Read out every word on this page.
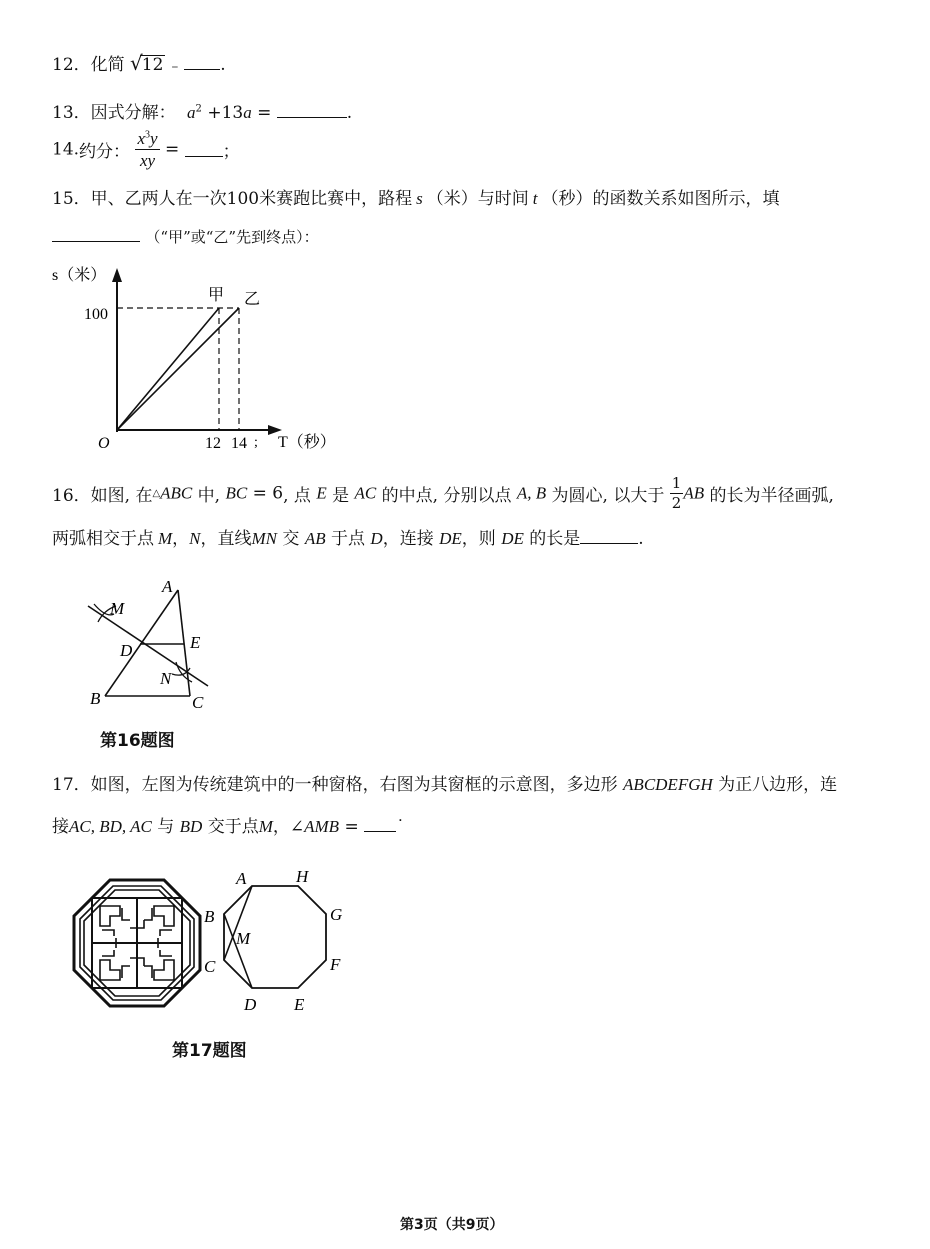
12．化简 √12 ＝ .
13．因式分解： $a^2 +13a$ =	.
14.约分： $\frac{x^3y}{xy}$ =	；
15．甲、乙两人在一次100米赛跑比赛中，路程 s （米）与时间 t （秒）的函数关系如图所示，填
（“甲”或“乙”先到终点）：
s（米）
T（秒）
O
100
12 14 ;
甲 乙
16．如图, 在△ABC 中, BC = 6, 点 E 是 AC 的中点, 分别以点 A, B 为圆心, 以大于 $\frac{1}{2}$ AB 的长为半径画弧,
两弧相交于点 M，N，直线MN 交 AB 于点 D，连接 DE，则 DE 的长是	.
A
M
E
D
N
B	C
第16题图
17．如图，左图为传统建筑中的一种窗格，右图为其窗框的示意图，多边形 ABCDEFGH 为正八边形，连
接AC, BD, AC 与 BD 交于点M，∠AMB = ˙
A	H
G
F
E
D
C
B
M
第17题图
第3页（共9页）
